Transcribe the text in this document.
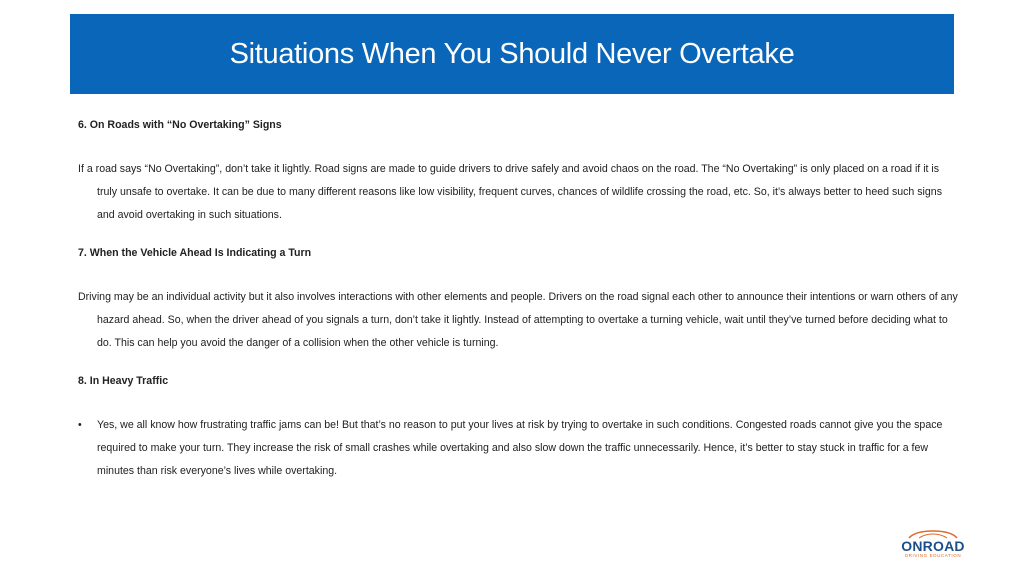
Situations When You Should Never Overtake

6. On Roads with “No Overtaking” Signs

If a road says “No Overtaking”, don’t take it lightly. Road signs are made to guide drivers to drive safely and avoid chaos on the road. The “No Overtaking” is only placed on a road if it is truly unsafe to overtake. It can be due to many different reasons like low visibility, frequent curves, chances of wildlife crossing the road, etc. So, it’s always better to heed such signs and avoid overtaking in such situations.

7. When the Vehicle Ahead Is Indicating a Turn

Driving may be an individual activity but it also involves interactions with other elements and people. Drivers on the road signal each other to announce their intentions or warn others of any hazard ahead. So, when the driver ahead of you signals a turn, don’t take it lightly. Instead of attempting to overtake a turning vehicle, wait until they’ve turned before deciding what to do. This can help you avoid the danger of a collision when the other vehicle is turning.

8. In Heavy Traffic

•	Yes, we all know how frustrating traffic jams can be! But that’s no reason to put your lives at risk by trying to overtake in such conditions. Congested roads cannot give you the space required to make your turn. They increase the risk of small crashes while overtaking and also slow down the traffic unnecessarily. Hence, it’s better to stay stuck in traffic for a few minutes than risk everyone’s lives while overtaking.
ONROAD
DRIVING EDUCATION
